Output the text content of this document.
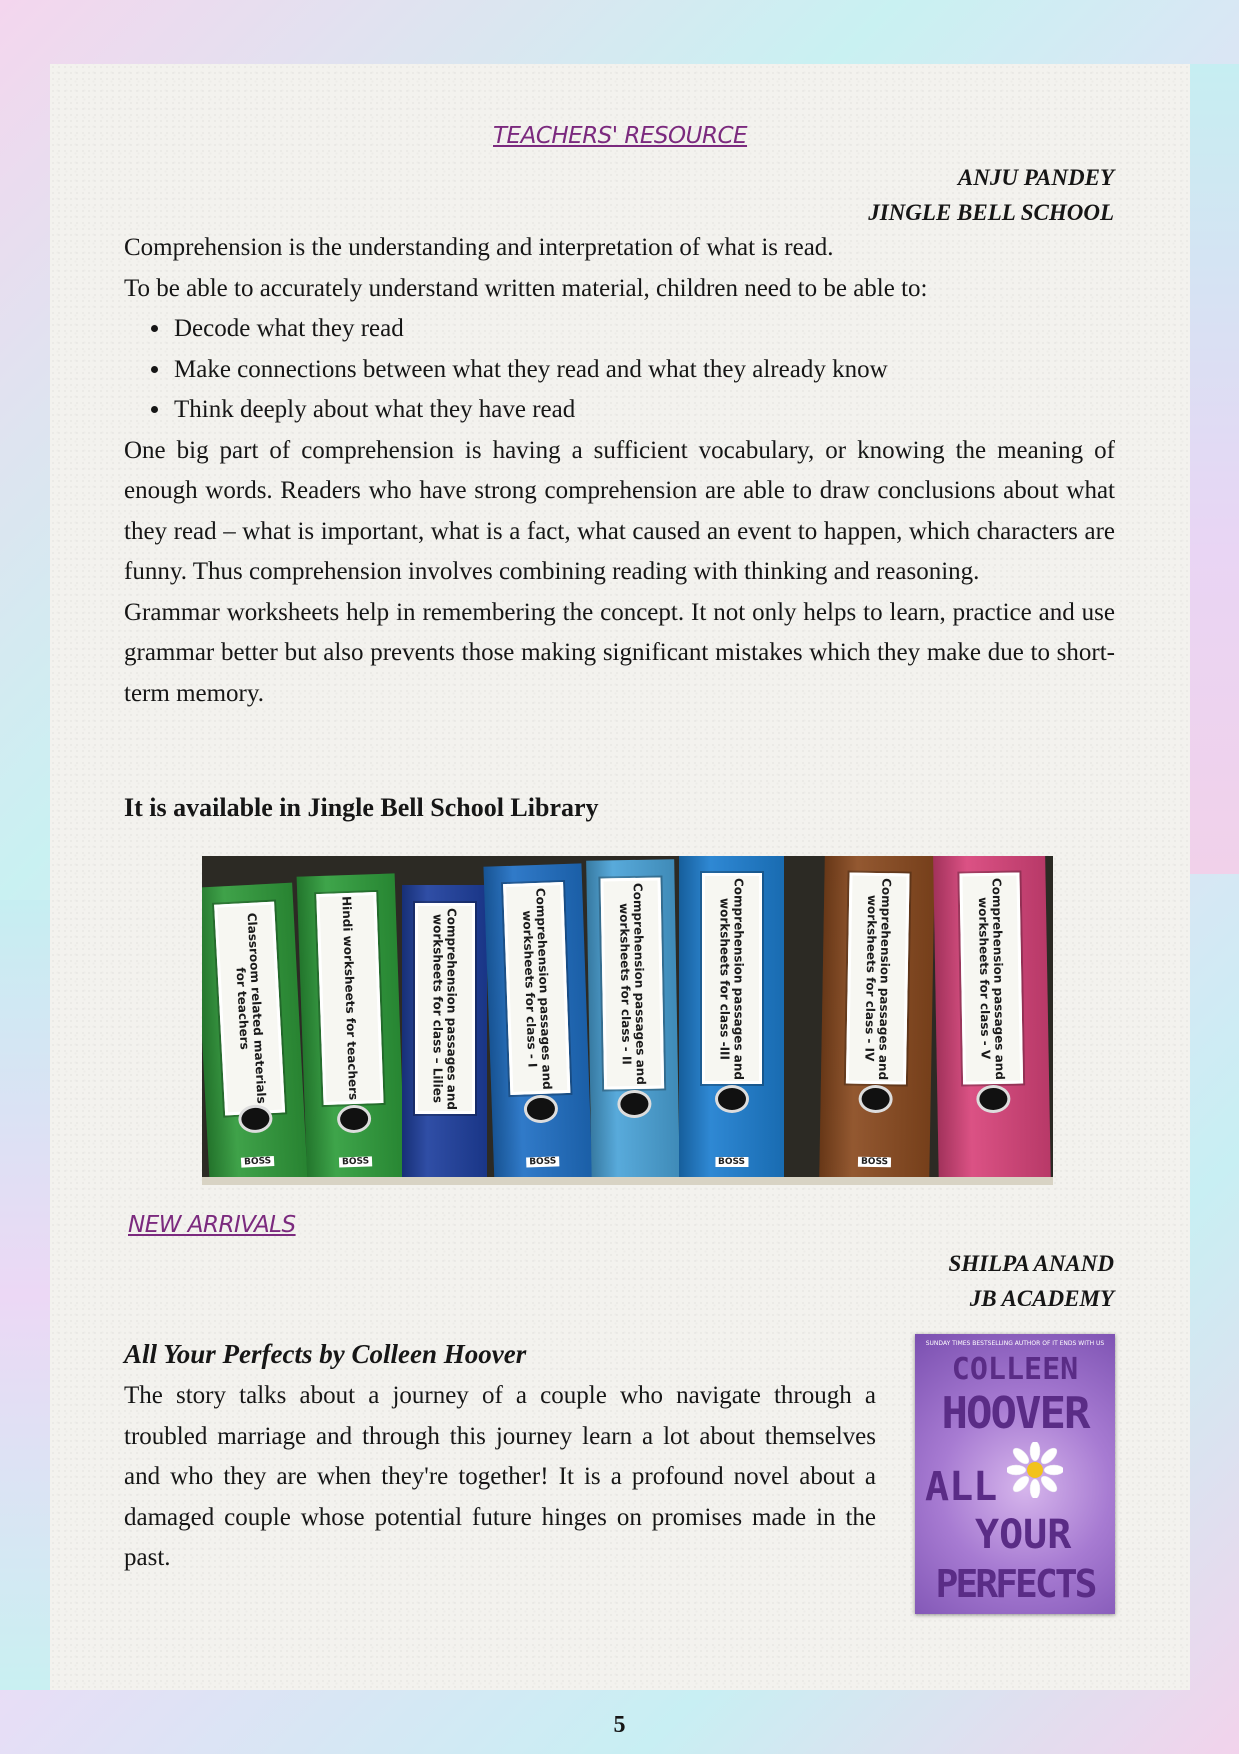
TEACHERS' RESOURCE
ANJU PANDEY
JINGLE BELL SCHOOL

Comprehension is the understanding and interpretation of what is read.

To be able to accurately understand written material, children need to be able to:

• Decode what they read
• Make connections between what they read and what they already know
• Think deeply about what they have read

One big part of comprehension is having a sufficient vocabulary, or knowing the meaning of enough words. Readers who have strong comprehension are able to draw conclusions about what they read – what is important, what is a fact, what caused an event to happen, which characters are funny. Thus comprehension involves combining reading with thinking and reasoning.

Grammar worksheets help in remembering the concept. It not only helps to learn, practice and use grammar better but also prevents those making significant mistakes which they make due to short-term memory.

It is available in Jingle Bell School Library
Classroom related materials for teachers
BOSS
Hindi worksheets for teachers
BOSS
Comprehension passages and worksheets for class – Lilies	Comprehension passages and worksheets for class - I
BOSS
Comprehension passages and worksheets for class - II	Comprehension passages and worksheets for class -III
BOSS
Comprehension passages and worksheets for class - IV
BOSS
Comprehension passages and worksheets for class - V
NEW ARRIVALS
SHILPA ANAND
JB ACADEMY
All Your Perfects by Colleen Hoover
The story talks about a journey of a couple who navigate through a troubled marriage and through this journey learn a lot about themselves and who they are when they're together! It is a profound novel about a damaged couple whose potential future hinges on promises made in the past.
SUNDAY TIMES BESTSELLING AUTHOR OF IT ENDS WITH US
COLLEEN
HOOVER
ALL
YOUR
PERFECTS
5
